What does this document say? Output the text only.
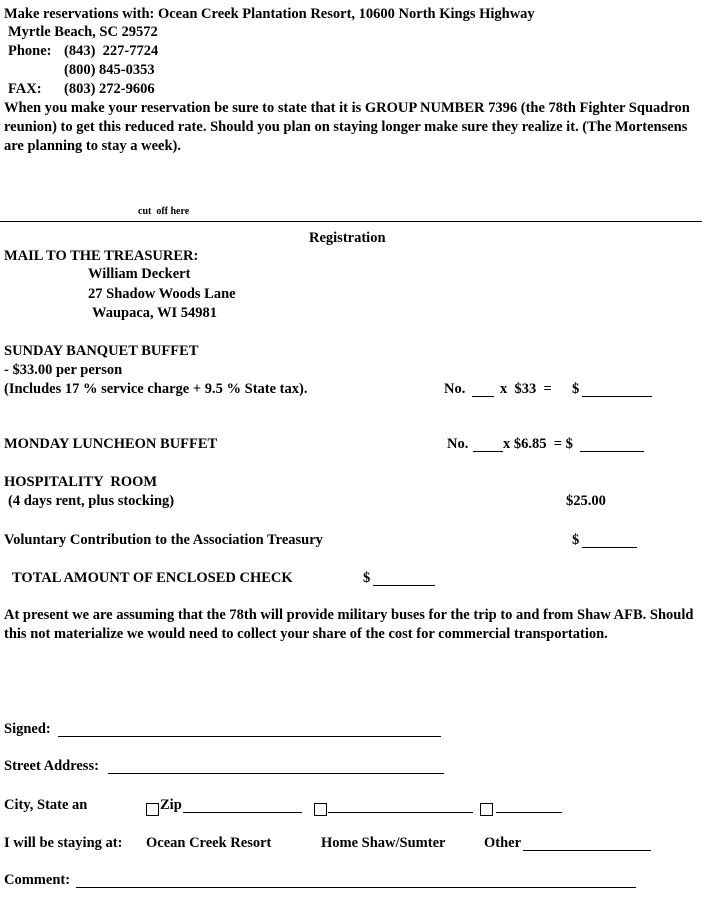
Make reservations with: Ocean Creek Plantation Resort, 10600 North Kings Highway
Myrtle Beach, SC 29572
Phone: (843)  227-7724
(800) 845-0353
FAX: (803) 272-9606
When you make your reservation be sure to state that it is GROUP NUMBER 7396 (the 78th Fighter Squadron reunion) to get this reduced rate. Should you plan on staying longer make sure they realize it. (The Mortensens are planning to stay a week).
cut  off here
Registration
MAIL TO THE TREASURER:
William Deckert
27 Shadow Woods Lane
Waupaca, WI 54981
SUNDAY BANQUET BUFFET
- $33.00 per person
(Includes 17 % service charge + 9.5 % State tax).	No. x  $33  = $
MONDAY LUNCHEON BUFFET	No. x $6.85  = $
HOSPITALITY  ROOM
(4 days rent, plus stocking)	$25.00
Voluntary Contribution to the Association Treasury	$
TOTAL AMOUNT OF ENCLOSED CHECK	$
At present we are assuming that the 78th will provide military buses for the trip to and from Shaw AFB. Should this not materialize we would need to collect your share of the cost for commercial transportation.
Signed:
Street Address:
City, State an	Zip
I will be staying at: Ocean Creek Resort	Home Shaw/Sumter	Other
Comment:
